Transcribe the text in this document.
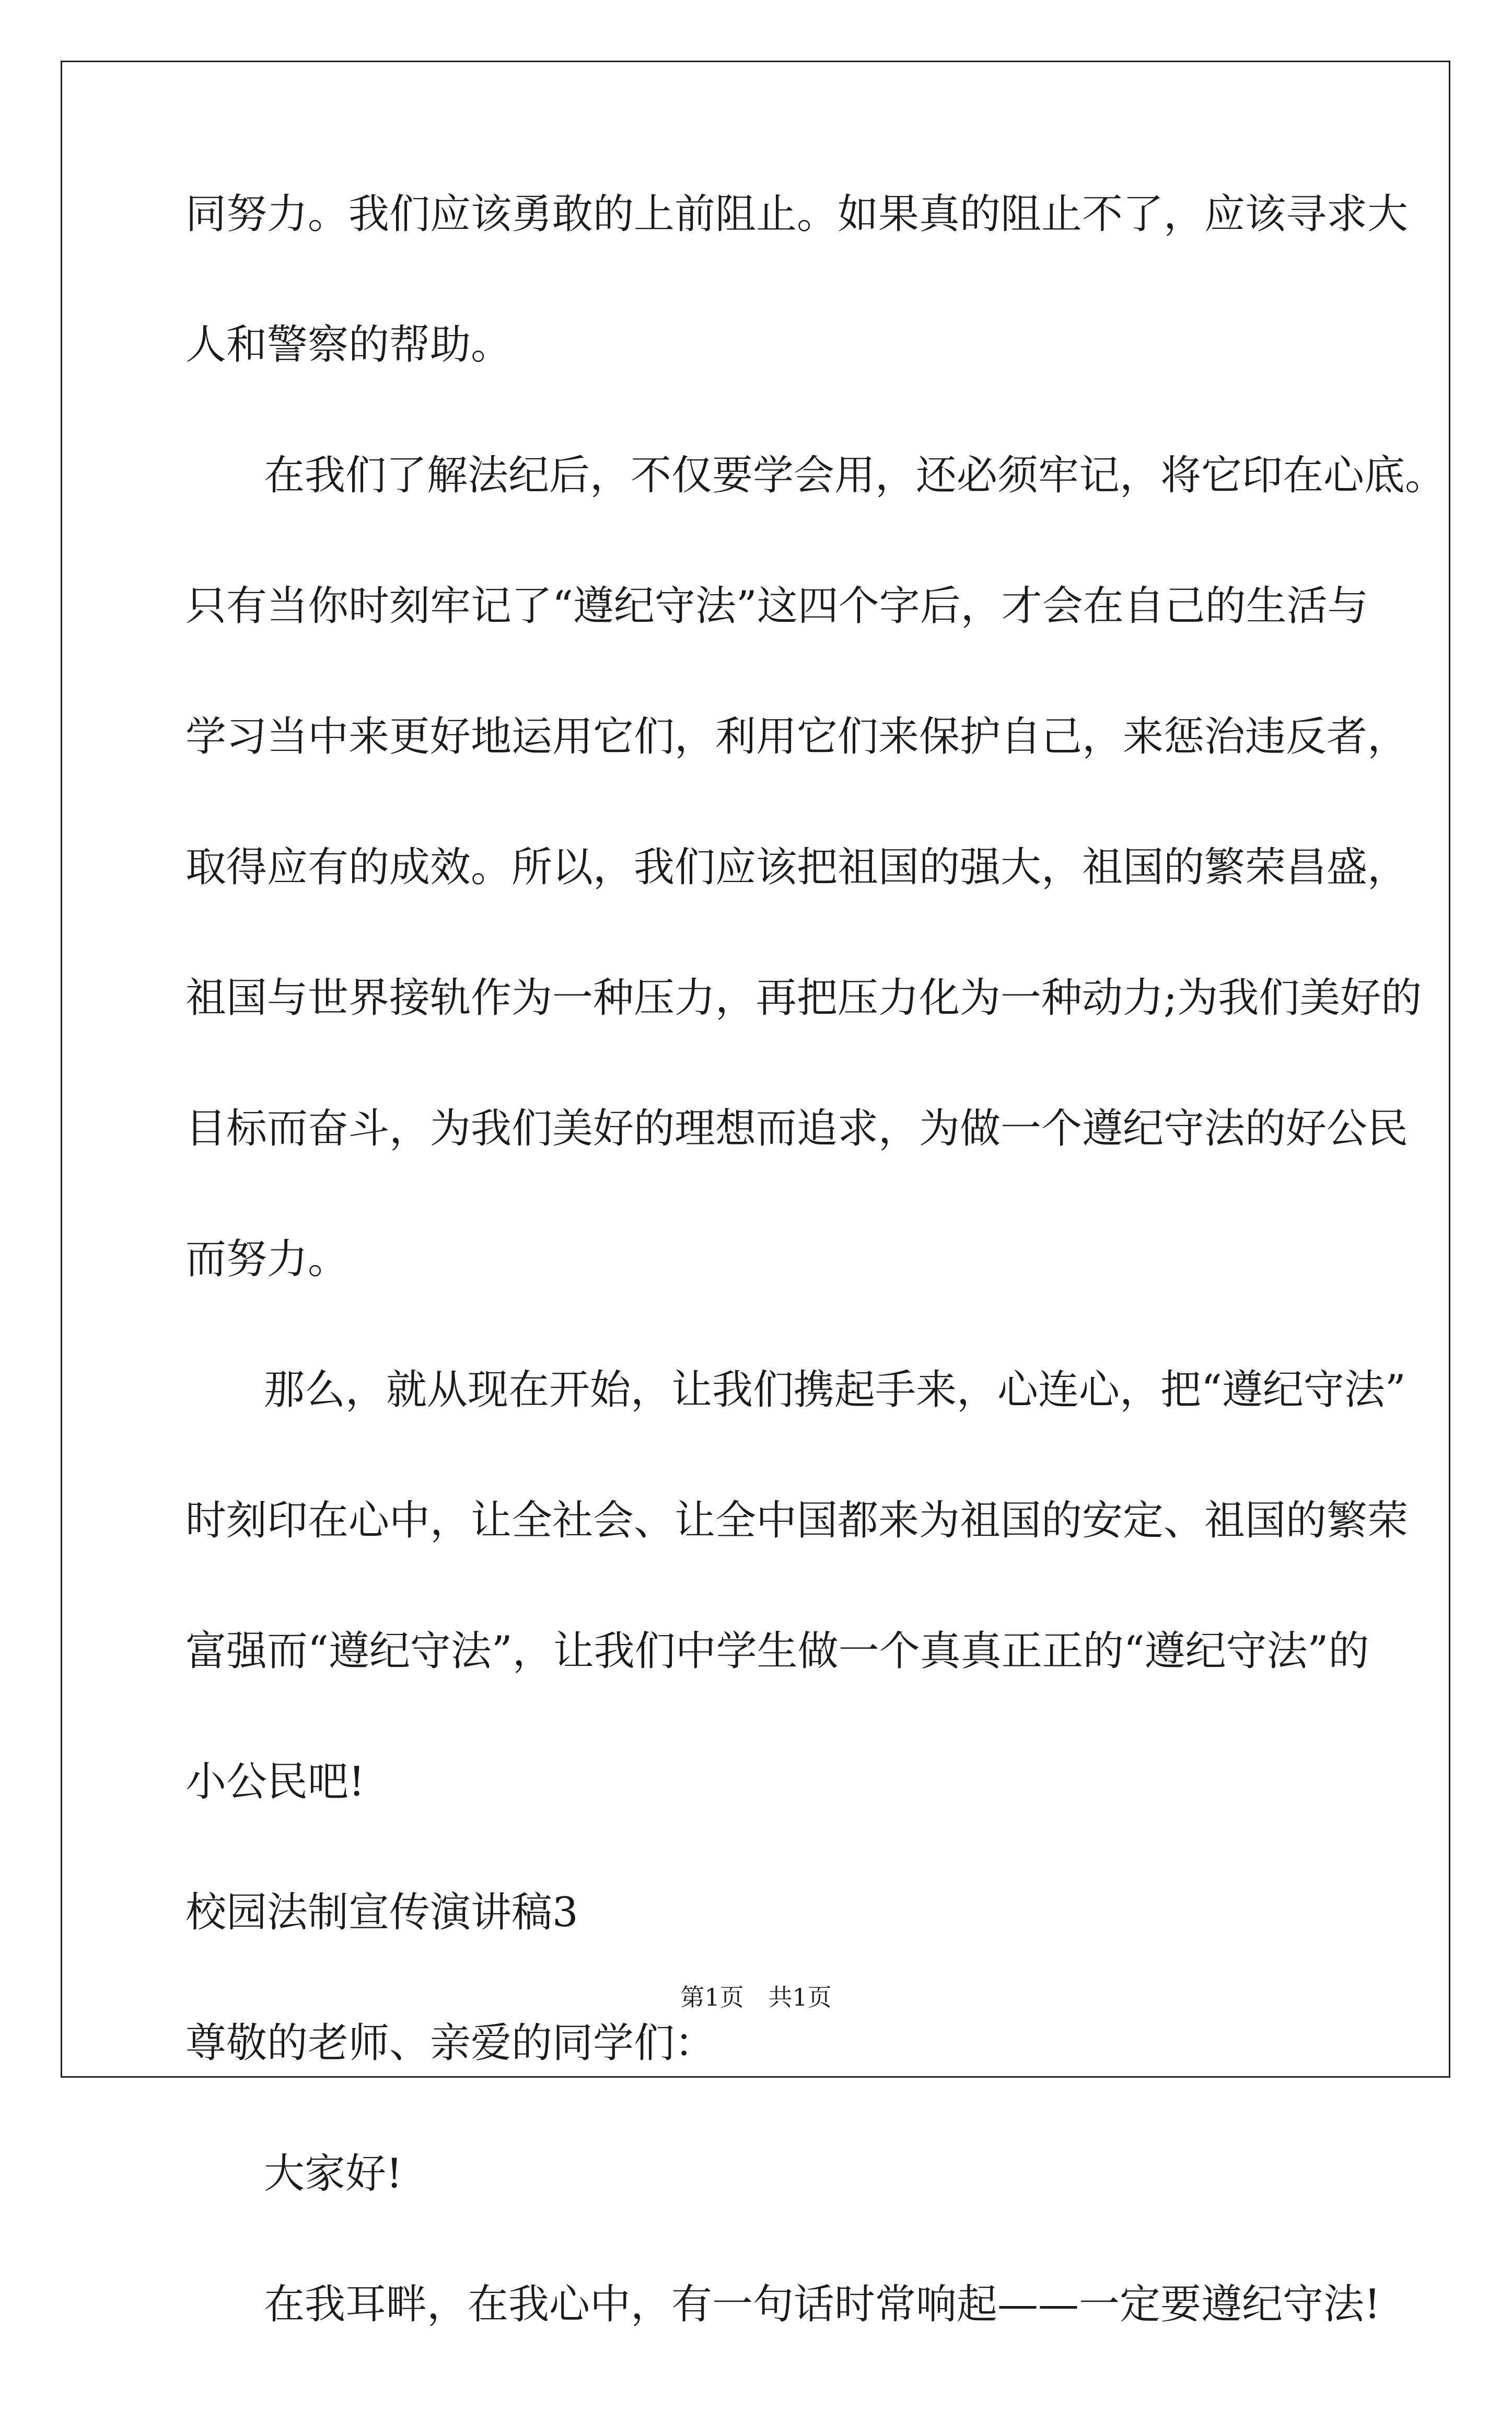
同努力。我们应该勇敢的上前阻止。如果真的阻止不了，应该寻求大
人和警察的帮助。
在我们了解法纪后，不仅要学会用，还必须牢记，将它印在心底。
只有当你时刻牢记了“遵纪守法”这四个字后，才会在自己的生活与
学习当中来更好地运用它们，利用它们来保护自己，来惩治违反者，
取得应有的成效。所以，我们应该把祖国的强大，祖国的繁荣昌盛，
祖国与世界接轨作为一种压力，再把压力化为一种动力;为我们美好的
目标而奋斗，为我们美好的理想而追求，为做一个遵纪守法的好公民
而努力。
那么，就从现在开始，让我们携起手来，心连心，把“遵纪守法”
时刻印在心中，让全社会、让全中国都来为祖国的安定、祖国的繁荣
富强而“遵纪守法”，让我们中学生做一个真真正正的“遵纪守法”的
小公民吧!
校园法制宣传演讲稿3
尊敬的老师、亲爱的同学们：
大家好!
在我耳畔，在我心中，有一句话时常响起——一定要遵纪守法!
第1页 共1页
